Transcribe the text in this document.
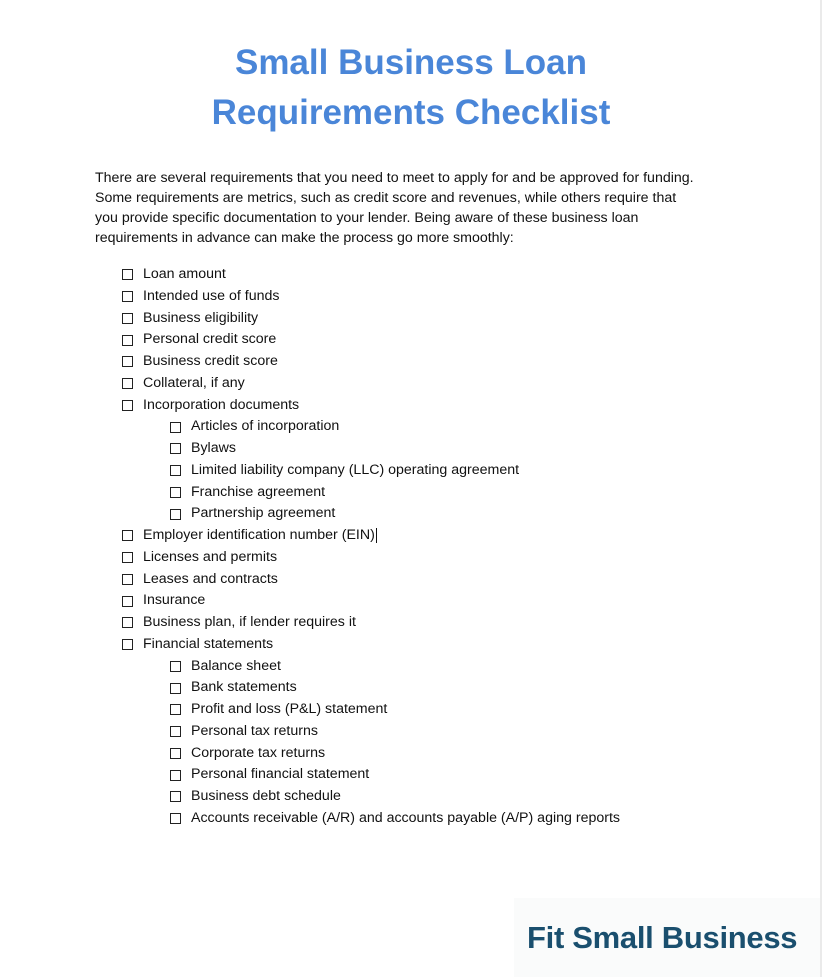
Small Business Loan
Requirements Checklist

There are several requirements that you need to meet to apply for and be approved for funding.
Some requirements are metrics, such as credit score and revenues, while others require that
you provide specific documentation to your lender. Being aware of these business loan
requirements in advance can make the process go more smoothly:

Loan amount
Intended use of funds
Business eligibility
Personal credit score
Business credit score
Collateral, if any
Incorporation documents
Articles of incorporation
Bylaws
Limited liability company (LLC) operating agreement
Franchise agreement
Partnership agreement
Employer identification number (EIN)
Licenses and permits
Leases and contracts
Insurance
Business plan, if lender requires it
Financial statements
Balance sheet
Bank statements
Profit and loss (P&L) statement
Personal tax returns
Corporate tax returns
Personal financial statement
Business debt schedule
Accounts receivable (A/R) and accounts payable (A/P) aging reports
Fit Small Business
